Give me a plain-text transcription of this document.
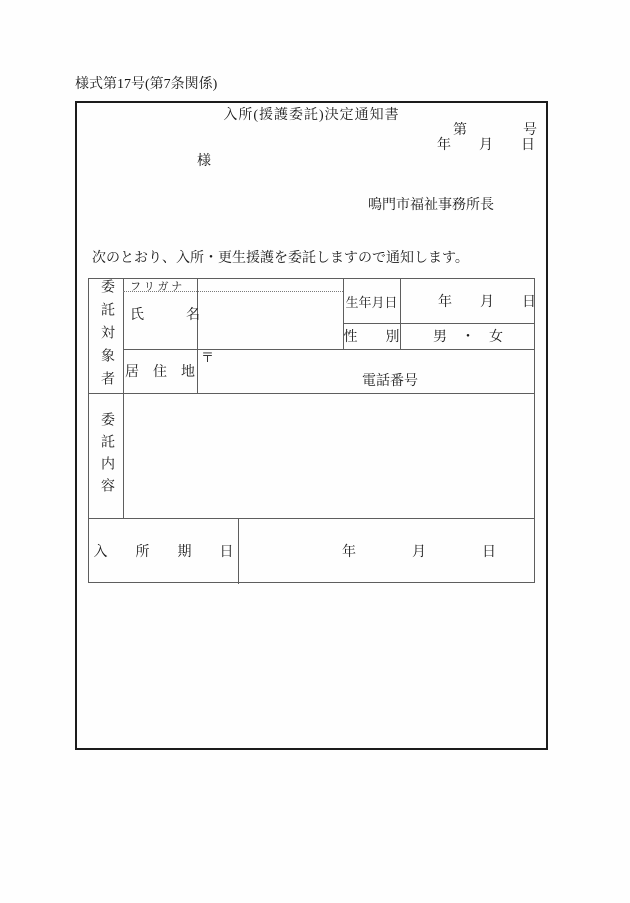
様式第17号(第7条関係)
入所(援護委託)決定通知書
第　　　　号
年　　月　　日
様
鳴門市福祉事務所長
次のとおり、入所・更生援護を委託しますので通知します。
委託対象者 フ リ ガ ナ
氏　　　名
生年月日	年　　月　　日
性　　別 男　・　女
居　住　地
〒
電話番号
委託内容
入　　所　　期　　日	年　　　　月　　　　日
